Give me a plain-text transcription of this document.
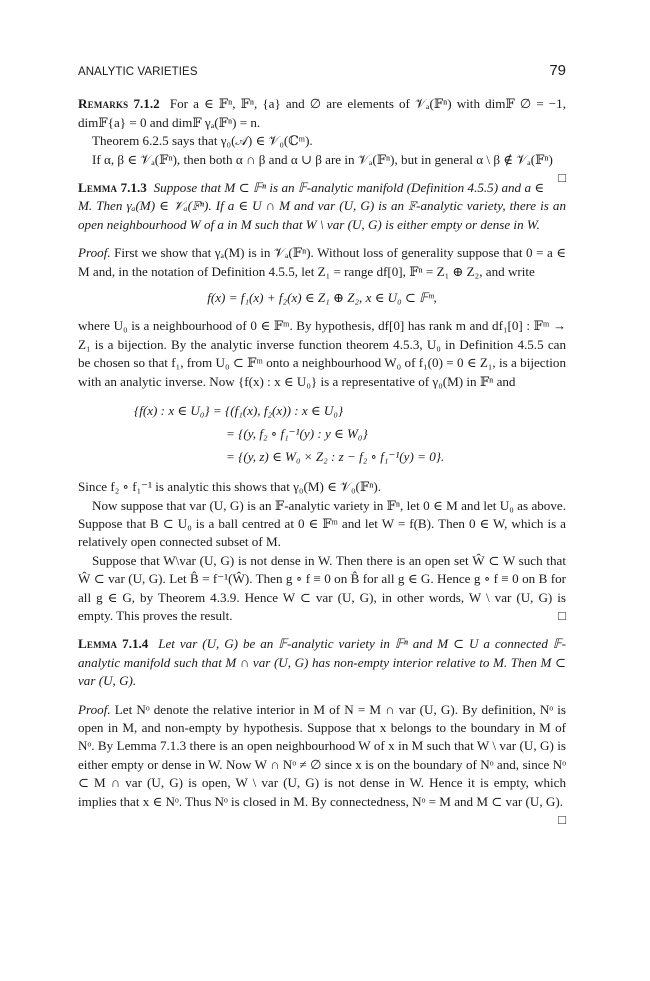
ANALYTIC VARIETIES	79

Remarks 7.1.2 For a ∈ 𝔽ⁿ, 𝔽ⁿ, {a} and ∅ are elements of 𝒱ₐ(𝔽ⁿ) with dim𝔽 ∅ = −1, dim𝔽{a} = 0 and dim𝔽 γₐ(𝔽ⁿ) = n.

Theorem 6.2.5 says that γ₀(𝒜) ∈ 𝒱₀(ℂᵐ).

If α, β ∈ 𝒱ₐ(𝔽ⁿ), then both α ∩ β and α ∪ β are in 𝒱ₐ(𝔽ⁿ), but in general α \ β ∉ 𝒱ₐ(𝔽ⁿ)
□

Lemma 7.1.3 Suppose that M ⊂ 𝔽ⁿ is an 𝔽-analytic manifold (Definition 4.5.5) and a ∈ M. Then γₐ(M) ∈ 𝒱ₐ(𝔽ⁿ). If a ∈ U ∩ M and var (U, G) is an 𝔽-analytic variety, there is an open neighbourhood W of a in M such that W \ var (U, G) is either empty or dense in W.

Proof. First we show that γₐ(M) is in 𝒱ₐ(𝔽ⁿ). Without loss of generality suppose that 0 = a ∈ M and, in the notation of Definition 4.5.5, let Z₁ = range df[0], 𝔽ⁿ = Z₁ ⊕ Z₂, and write

f(x) = f₁(x) + f₂(x) ∈ Z₁ ⊕ Z₂, x ∈ U₀ ⊂ 𝔽ᵐ,

where U₀ is a neighbourhood of 0 ∈ 𝔽ᵐ. By hypothesis, df[0] has rank m and df₁[0] : 𝔽ᵐ → Z₁ is a bijection. By the analytic inverse function theorem 4.5.3, U₀ in Definition 4.5.5 can be chosen so that f₁, from U₀ ⊂ 𝔽ᵐ onto a neighbourhood W₀ of f₁(0) = 0 ∈ Z₁, is a bijection with an analytic inverse. Now {f(x) : x ∈ U₀} is a representative of γ₀(M) in 𝔽ⁿ and

{f(x) : x ∈ U₀} = {(f₁(x), f₂(x)) : x ∈ U₀}
= {(y, f₂ ∘ f₁⁻¹(y) : y ∈ W₀}
= {(y, z) ∈ W₀ × Z₂ : z − f₂ ∘ f₁⁻¹(y) = 0}.

Since f₂ ∘ f₁⁻¹ is analytic this shows that γ₀(M) ∈ 𝒱₀(𝔽ⁿ).

Now suppose that var (U, G) is an 𝔽-analytic variety in 𝔽ⁿ, let 0 ∈ M and let U₀ as above. Suppose that B ⊂ U₀ is a ball centred at 0 ∈ 𝔽ᵐ and let W = f(B). Then 0 ∈ W, which is a relatively open connected subset of M.

Suppose that W\var (U, G) is not dense in W. Then there is an open set Ŵ ⊂ W such that Ŵ ⊂ var (U, G). Let B̂ = f⁻¹(Ŵ). Then g ∘ f ≡ 0 on B̂ for all g ∈ G. Hence g ∘ f ≡ 0 on B for all g ∈ G, by Theorem 4.3.9. Hence W ⊂ var (U, G), in other words, W \ var (U, G) is empty. This proves the result.	□

Lemma 7.1.4 Let var (U, G) be an 𝔽-analytic variety in 𝔽ⁿ and M ⊂ U a connected 𝔽-analytic manifold such that M ∩ var (U, G) has non-empty interior relative to M. Then M ⊂ var (U, G).

Proof. Let Nᵒ denote the relative interior in M of N = M ∩ var (U, G). By definition, Nᵒ is open in M, and non-empty by hypothesis. Suppose that x belongs to the boundary in M of Nᵒ. By Lemma 7.1.3 there is an open neighbourhood W of x in M such that W \ var (U, G) is either empty or dense in W. Now W ∩ Nᵒ ≠ ∅ since x is on the boundary of Nᵒ and, since Nᵒ ⊂ M ∩ var (U, G) is open, W \ var (U, G) is not dense in W. Hence it is empty, which implies that x ∈ Nᵒ. Thus Nᵒ is closed in M. By connectedness, Nᵒ = M and M ⊂ var (U, G).
□
